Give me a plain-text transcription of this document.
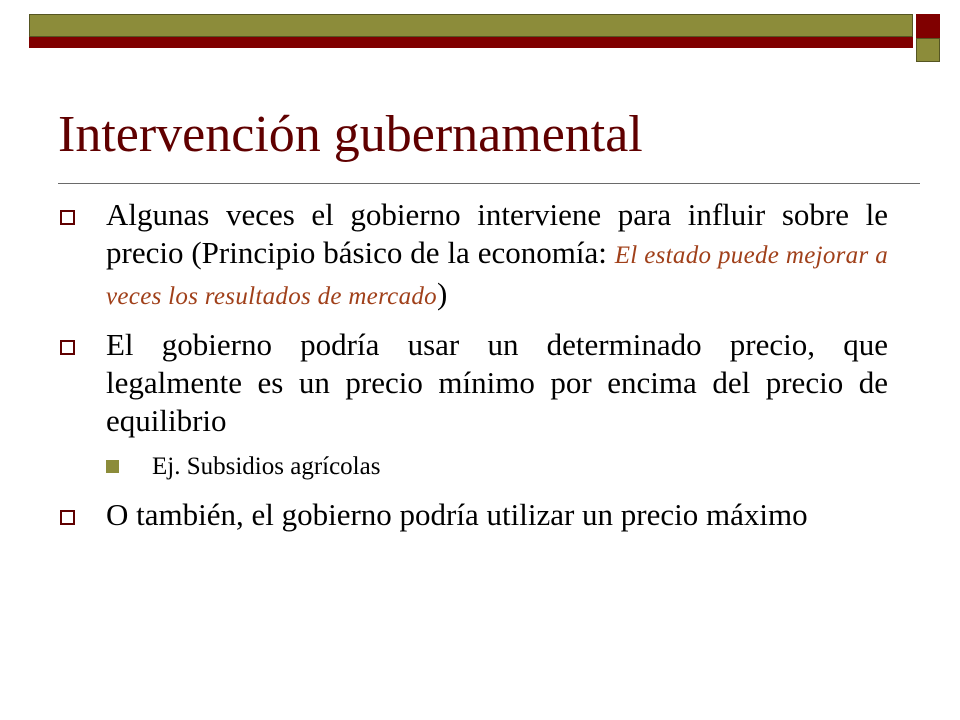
Intervención gubernamental
Algunas veces el gobierno interviene para influir sobre le precio (Principio básico de la economía: El estado puede mejorar a veces los resultados de mercado)
El gobierno podría usar un determinado precio, que legalmente es un precio mínimo por encima del precio de equilibrio
Ej. Subsidios agrícolas
O también, el gobierno podría utilizar un precio máximo
